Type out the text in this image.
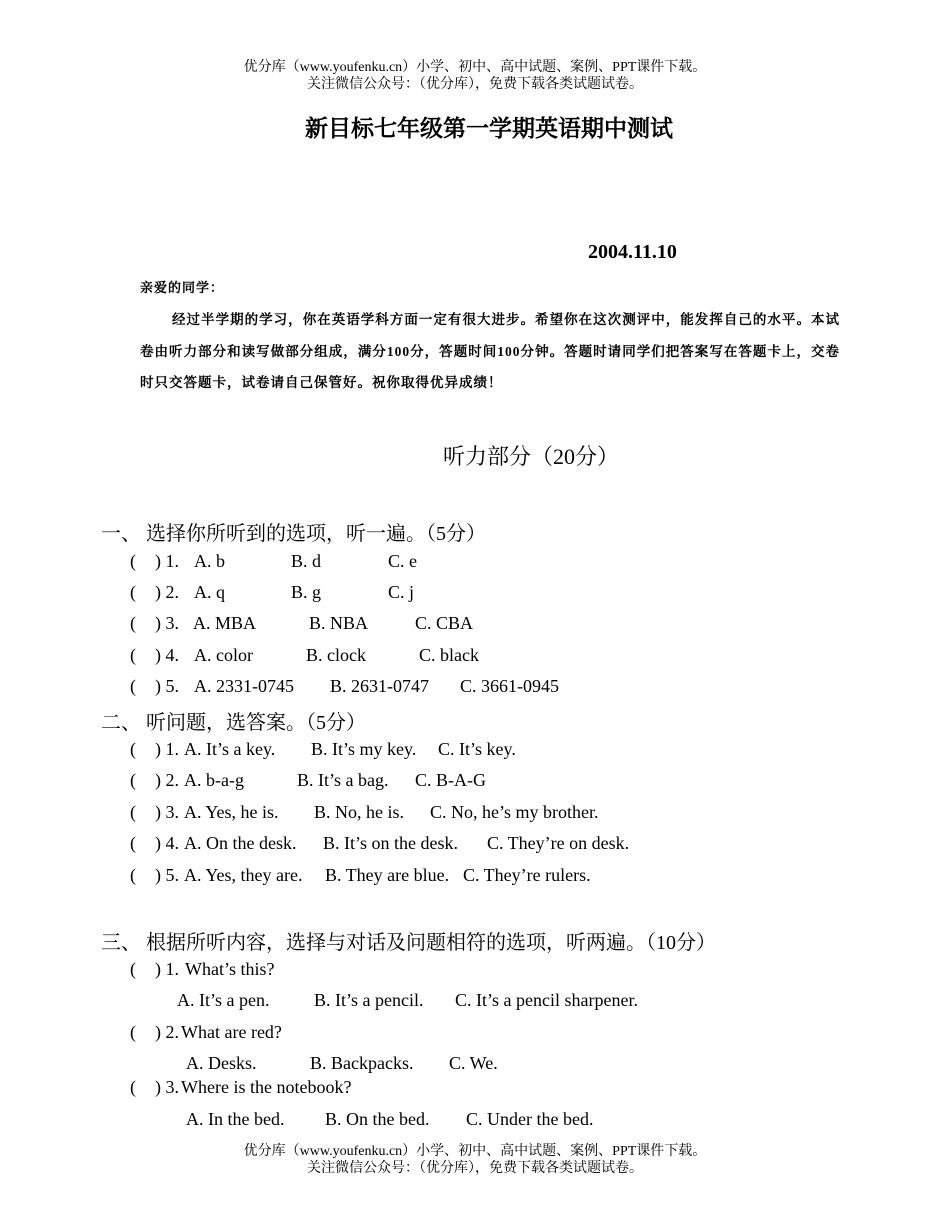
优分库（www.youfenku.cn）小学、初中、高中试题、案例、PPT课件下载。
关注微信公众号：（优分库），免费下载各类试题试卷。
新目标七年级第一学期英语期中测试
2004.11.10
亲爱的同学：
经过半学期的学习，你在英语学科方面一定有很大进步。希望你在这次测评中，能发挥自己的水平。本试卷由听力部分和读写做部分组成，满分100分，答题时间100分钟。答题时请同学们把答案写在答题卡上，交卷时只交答题卡，试卷请自己保管好。祝你取得优异成绩！
听力部分（20分）
一、 选择你所听到的选项，听一遍。（5分）
( ) 1. A. b	B. d	C. e
( ) 2. A. q	B. g	C. j
( ) 3. A. MBA	B. NBA	C. CBA
( ) 4. A. color	B. clock	C. black
( ) 5. A. 2331-0745 B. 2631-0747 C. 3661-0945
二、 听问题，选答案。（5分）
( ) 1. A. It’s a key. B. It’s my key. C. It’s key.
( ) 2. A. b-a-g	B. It’s a bag. C. B-A-G
( ) 3. A. Yes, he is. B. No, he is. C. No, he’s my brother.
( ) 4. A. On the desk. B. It’s on the desk. C. They’re on desk.
( ) 5. A. Yes, they are. B. They are blue. C. They’re rulers.
三、 根据所听内容，选择与对话及问题相符的选项，听两遍。（10分）
( ) 1. What’s this?
A. It’s a pen. B. It’s a pencil. C. It’s a pencil sharpener.
( ) 2. What are red?
A. Desks.	B. Backpacks. C. We.
( ) 3. Where is the notebook?
A. In the bed. B. On the bed. C. Under the bed.
优分库（www.youfenku.cn）小学、初中、高中试题、案例、PPT课件下载。
关注微信公众号：（优分库），免费下载各类试题试卷。
